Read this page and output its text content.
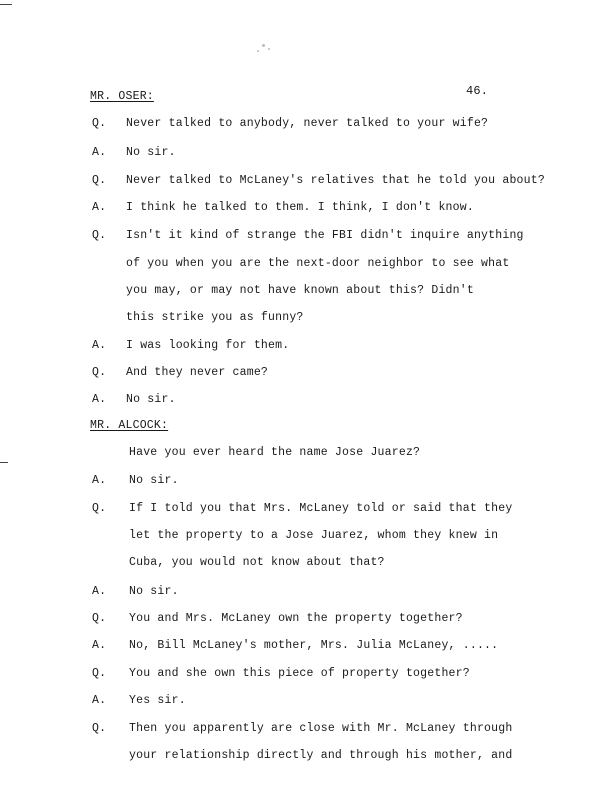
46.
MR. OSER:
Q. Never talked to anybody, never talked to your wife?
A. No sir.
Q. Never talked to McLaney's relatives that he told you about?
A. I think he talked to them. I think, I don't know.
Q. Isn't it kind of strange the FBI didn't inquire anything
of you when you are the next-door neighbor to see what
you may, or may not have known about this? Didn't
this strike you as funny?
A. I was looking for them.
Q. And they never came?
A. No sir.
MR. ALCOCK:
Have you ever heard the name Jose Juarez?
A. No sir.
Q. If I told you that Mrs. McLaney told or said that they
let the property to a Jose Juarez, whom they knew in
Cuba, you would not know about that?
A. No sir.
Q. You and Mrs. McLaney own the property together?
A. No, Bill McLaney's mother, Mrs. Julia McLaney, .....
Q. You and she own this piece of property together?
A. Yes sir.
Q. Then you apparently are close with Mr. McLaney through
your relationship directly and through his mother, and
